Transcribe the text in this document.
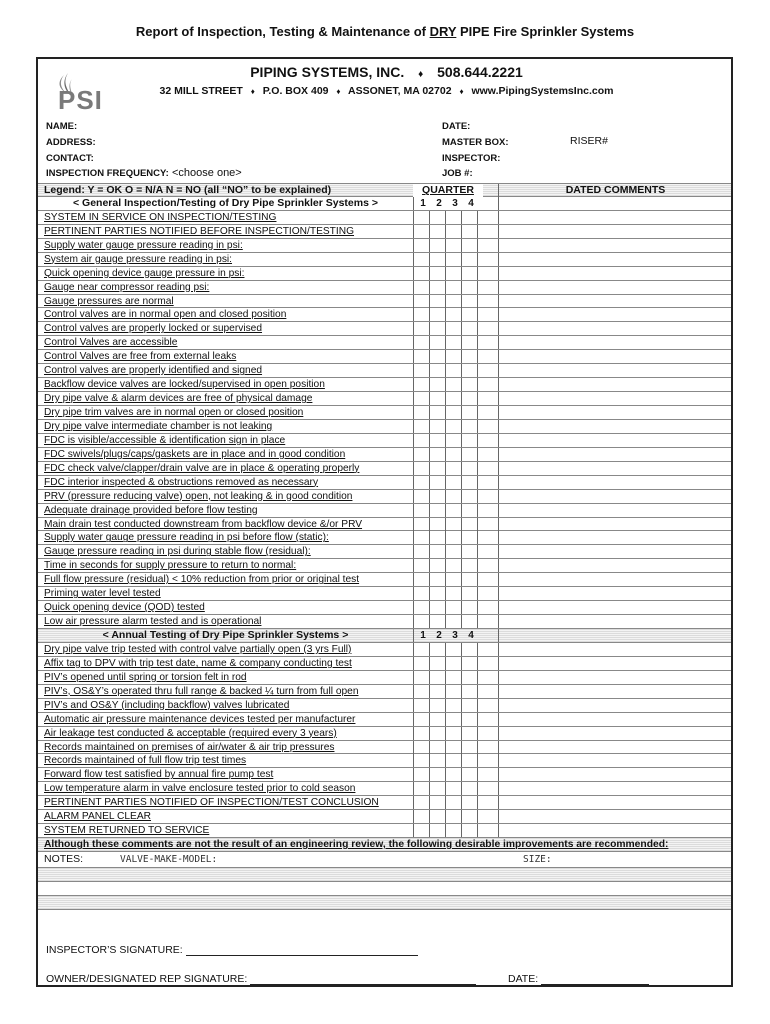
Report of Inspection, Testing & Maintenance of DRY PIPE Fire Sprinkler Systems
PSI
PIPING SYSTEMS, INC. ♦ 508.644.2221
32 MILL STREET ♦ P.O. BOX 409 ♦ ASSONET, MA 02702 ♦ www.PipingSystemsInc.com
NAME:
ADDRESS:
CONTACT:
INSPECTION FREQUENCY: <choose one>
DATE:
MASTER BOX:	RISER#
INSPECTOR:
JOB #:
Legend: Y = OK O = N/A N = NO (all “NO” to be explained)	QUARTER	DATED COMMENTS
< General Inspection/Testing of Dry Pipe Sprinkler Systems >	1	2	3	4
SYSTEM IN SERVICE ON INSPECTION/TESTING
PERTINENT PARTIES NOTIFIED BEFORE INSPECTION/TESTING
Supply water gauge pressure reading in psi:
System air gauge pressure reading in psi:
Quick opening device gauge pressure in psi:
Gauge near compressor reading psi:
Gauge pressures are normal
Control valves are in normal open and closed position
Control valves are properly locked or supervised
Control Valves are accessible
Control Valves are free from external leaks
Control valves are properly identified and signed
Backflow device valves are locked/supervised in open position
Dry pipe valve & alarm devices are free of physical damage
Dry pipe trim valves are in normal open or closed position
Dry pipe valve intermediate chamber is not leaking
FDC is visible/accessible & identification sign in place
FDC swivels/plugs/caps/gaskets are in place and in good condition
FDC check valve/clapper/drain valve are in place & operating properly
FDC interior inspected & obstructions removed as necessary
PRV (pressure reducing valve) open, not leaking & in good condition
Adequate drainage provided before flow testing
Main drain test conducted downstream from backflow device &/or PRV
Supply water gauge pressure reading in psi before flow (static):
Gauge pressure reading in psi during stable flow (residual):
Time in seconds for supply pressure to return to normal:
Full flow pressure (residual) < 10% reduction from prior or original test
Priming water level tested
Quick opening device (QOD) tested
Low air pressure alarm tested and is operational
< Annual Testing of Dry Pipe Sprinkler Systems >	1	2	3	4
Dry pipe valve trip tested with control valve partially open (3 yrs Full)
Affix tag to DPV with trip test date, name & company conducting test
PIV’s opened until spring or torsion felt in rod
PIV’s, OS&Y’s operated thru full range & backed ¼ turn from full open
PIV’s and OS&Y (including backflow) valves lubricated
Automatic air pressure maintenance devices tested per manufacturer
Air leakage test conducted & acceptable (required every 3 years)
Records maintained on premises of air/water & air trip pressures
Records maintained of full flow trip test times
Forward flow test satisfied by annual fire pump test
Low temperature alarm in valve enclosure tested prior to cold season
PERTINENT PARTIES NOTIFIED OF INSPECTION/TEST CONCLUSION
ALARM PANEL CLEAR
SYSTEM RETURNED TO SERVICE
Although these comments are not the result of an engineering review, the following desirable improvements are recommended:
NOTES:	VALVE-MAKE-MODEL:	SIZE:
INSPECTOR’S SIGNATURE:
OWNER/DESIGNATED REP SIGNATURE:	DATE:
